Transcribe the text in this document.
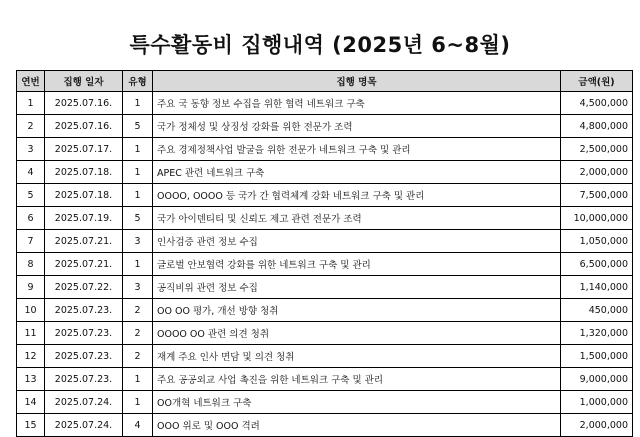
특수활동비 집행내역 (2025년 6~8월)
연번	집행 일자	유형	집행 명목	금액(원)
1	2025.07.16.	1	주요 국 동향 정보 수집을 위한 협력 네트워크 구축	4,500,000
2	2025.07.16.	5	국가 정체성 및 상징성 강화를 위한 전문가 조력	4,800,000
3	2025.07.17.	1	주요 경제정책사업 발굴을 위한 전문가 네트워크 구축 및 관리	2,500,000
4	2025.07.18.	1	APEC 관련 네트워크 구축	2,000,000
5	2025.07.18.	1	OOOO, OOOO 등 국가 간 협력체계 강화 네트워크 구축 및 관리	7,500,000
6	2025.07.19.	5	국가 아이덴티티 및 신뢰도 제고 관련 전문가 조력	10,000,000
7	2025.07.21.	3	인사검증 관련 정보 수집	1,050,000
8	2025.07.21.	1	글로벌 안보협력 강화를 위한 네트워크 구축 및 관리	6,500,000
9	2025.07.22.	3	공직비위 관련 정보 수집	1,140,000
10	2025.07.23.	2	OO OO 평가, 개선 방향 청취	450,000
11	2025.07.23.	2	OOOO OO 관련 의견 청취	1,320,000
12	2025.07.23.	2	재계 주요 인사 면담 및 의견 청취	1,500,000
13	2025.07.23.	1	주요 공공외교 사업 촉진을 위한 네트워크 구축 및 관리	9,000,000
14	2025.07.24.	1	OO개혁 네트워크 구축	1,000,000
15	2025.07.24.	4	OOO 위로 및 OOO 격려	2,000,000
